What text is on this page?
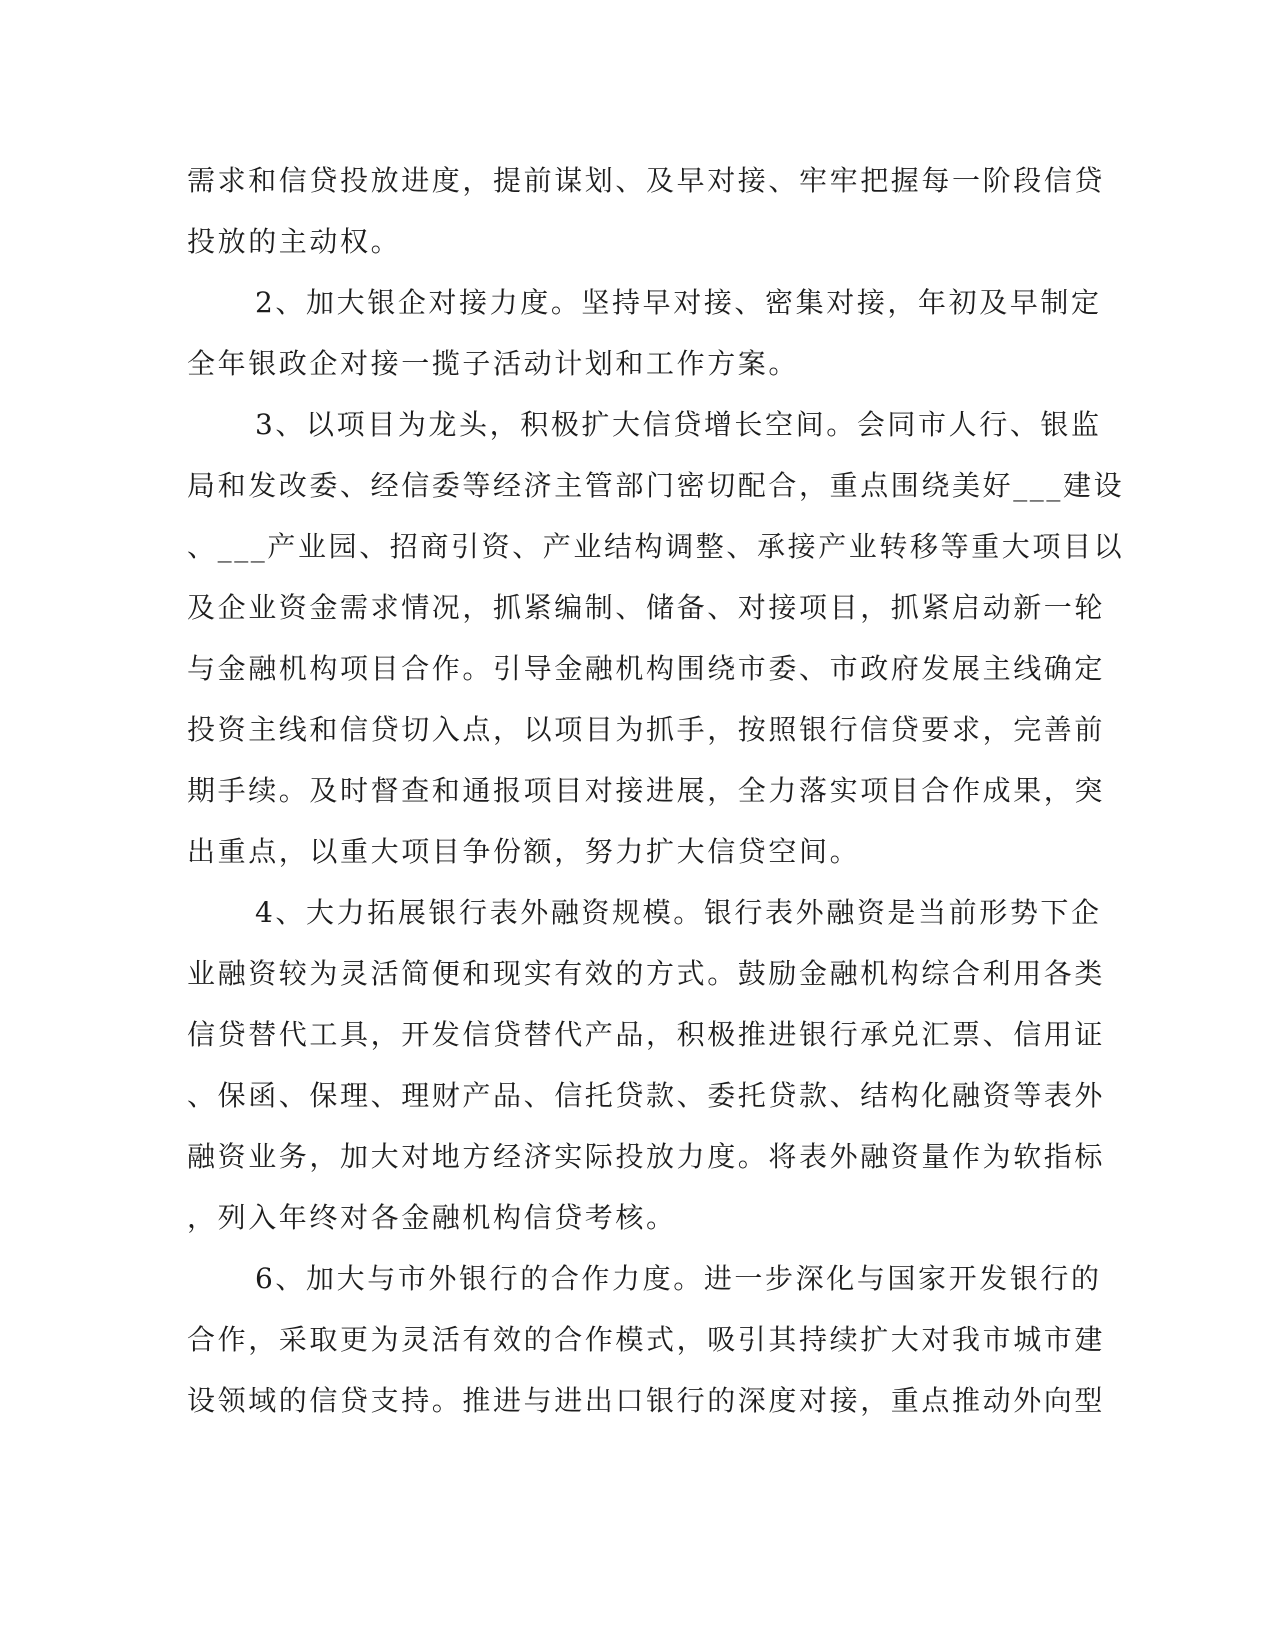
需求和信贷投放进度，提前谋划、及早对接、牢牢把握每一阶段信贷
投放的主动权。
2、加大银企对接力度。坚持早对接、密集对接，年初及早制定
全年银政企对接一揽子活动计划和工作方案。
3、以项目为龙头，积极扩大信贷增长空间。会同市人行、银监
局和发改委、经信委等经济主管部门密切配合，重点围绕美好___建设
、___产业园、招商引资、产业结构调整、承接产业转移等重大项目以
及企业资金需求情况，抓紧编制、储备、对接项目，抓紧启动新一轮
与金融机构项目合作。引导金融机构围绕市委、市政府发展主线确定
投资主线和信贷切入点，以项目为抓手，按照银行信贷要求，完善前
期手续。及时督查和通报项目对接进展，全力落实项目合作成果，突
出重点，以重大项目争份额，努力扩大信贷空间。
4、大力拓展银行表外融资规模。银行表外融资是当前形势下企
业融资较为灵活简便和现实有效的方式。鼓励金融机构综合利用各类
信贷替代工具，开发信贷替代产品，积极推进银行承兑汇票、信用证
、保函、保理、理财产品、信托贷款、委托贷款、结构化融资等表外
融资业务，加大对地方经济实际投放力度。将表外融资量作为软指标
，列入年终对各金融机构信贷考核。
6、加大与市外银行的合作力度。进一步深化与国家开发银行的
合作，采取更为灵活有效的合作模式，吸引其持续扩大对我市城市建
设领域的信贷支持。推进与进出口银行的深度对接，重点推动外向型
